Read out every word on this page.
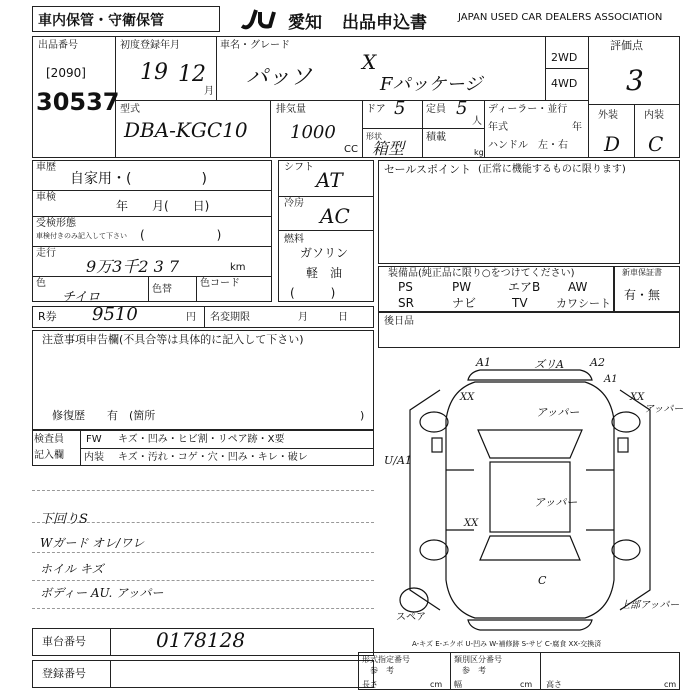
車内保管・守衛保管	愛知 出品申込書	JAPAN USED CAR DEALERS ASSOCIATION
出品番号
[2090]
30537
初度登録年月
19 12
月
車名・グレード
パッソ
X
Fパッケージ
2WD
4WD
評価点
3
外装	内装
D C
型式
DBA-KGC10
排気量
1000
CC
ドア 5 定員 5
人
形状
箱型
積載
kg
ディーラー・並行
年式	年
ハンドル　左・右
車歴
自家用・(　　　　　)
車検
年　　月(　　日)
受検形態
車検付きのみ記入して下さい (　　　　　　)
走行
9万3千2 3 7	km
色
チイロ
色替
色コード
シフト
AT
冷房
AC
燃料
ガソリン
軽　油
(　　　)
セールスポイント (正常に機能するものに限ります)
装備品(純正品に限り○をつけてください)
PS	PW	エアB AW
SR	ナビ	TV	カワシート
新車保証書
有・無
R券 9510	円 名変期限	月　　　日	後日品
注意事項申告欄(不具合等は具体的に記入して下さい)
修復歴　　有　(箇所	)
検査員
記入欄
FW キズ・凹み・ヒビ割・リペア跡・X要
内装 キズ・汚れ・コゲ・穴・凹み・キレ・破レ
下回りS
Wガード オレ/ワレ
ホイル キズ
ボディー AU. アッパー
A1	ズリA A2
A1
XX	XX
アッパー	アッパー
U/A1
XX
アッパー
C
上部アッパー
スペア
A-キズ E-エクボ U-凹み W-補修跡 S-サビ C-腐食 XX-交換済
車台番号	0178128
登録番号
形式指定番号
参　考
類別区分番号
参　考
長さ	cm 幅	cm 高さ	cm
